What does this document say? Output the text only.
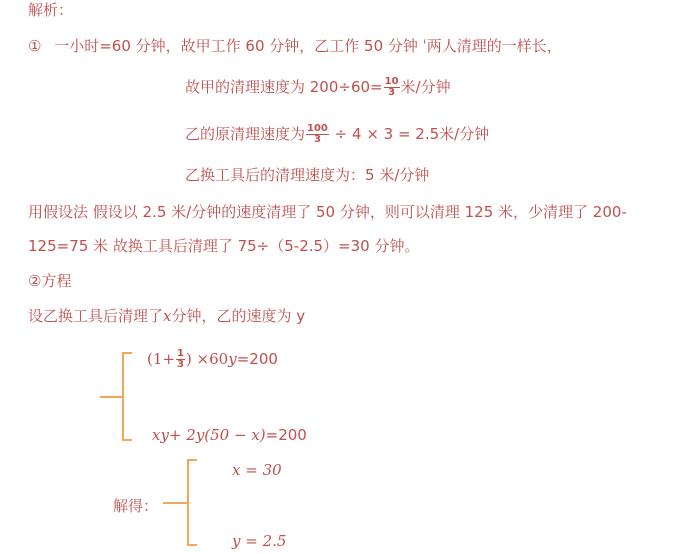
解析：
① 一小时=60 分钟，故甲工作 60 分钟，乙工作 50 分钟 ˈ两人清理的一样长，
故甲的清理速度为 $200\div 60= \frac{10}{3}$ 米/分钟
乙的原清理速度为 $\frac{100}{3} \div 4 \times 3 = 2.5$米/分钟
乙换工具后的清理速度为：5 米/分钟
用假设法 假设以 2.5 米/分钟的速度清理了 50 分钟，则可以清理 125 米，少清理了 200-
125=75 米 故换工具后清理了 75÷（5-2.5）=30 分钟。
②方程
设乙换工具后清理了x分钟，乙的速度为 y
($1+ \frac{1}{3}$ ) ×60y=200
xy+ 2y(50 − x)=200
解得：
x = 30
y = 2.5
